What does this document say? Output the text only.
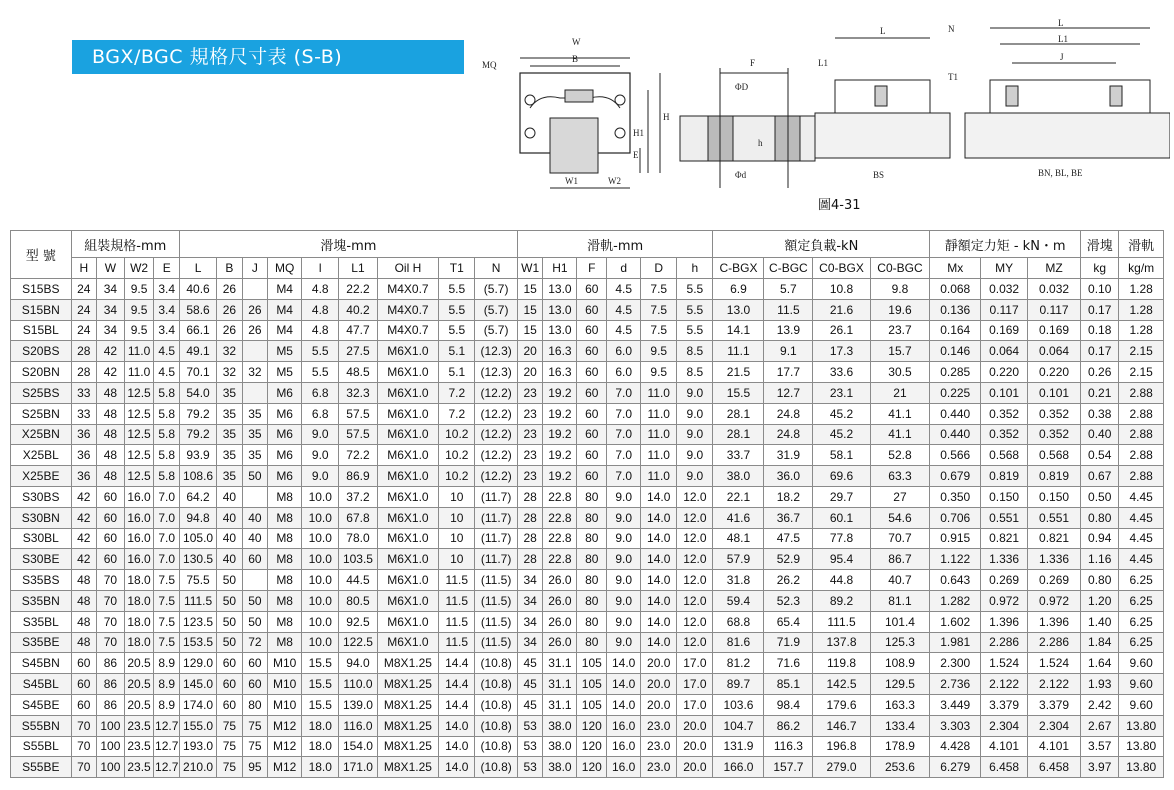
BGX/BGC 規格尺寸表 (S-B)	MQ
W
B
H
H1
E
W1	W2
F
ΦD
Φd
h
L
L1
BS
N
L
L1
J
T1
BN, BL, BE
圖4-31
型 號	組裝規格-mm				滑塊-mm									滑軌-mm						額定負載-kN				靜額定力矩 - kN・m			滑塊	滑軌
	H	W	W2	E	L	B	J	MQ	l	L1	Oil H	T1	N	W1	H1	F	d	D	h	C-BGX	C-BGC	C0-BGX	C0-BGC	Mx	MY	MZ	kg	kg/m
S15BS	24	34	9.5	3.4	40.6	26		M4	4.8	22.2	M4X0.7	5.5	(5.7)	15	13.0	60	4.5	7.5	5.5	6.9	5.7	10.8	9.8	0.068	0.032	0.032	0.10	1.28
S15BN	24	34	9.5	3.4	58.6	26	26	M4	4.8	40.2	M4X0.7	5.5	(5.7)	15	13.0	60	4.5	7.5	5.5	13.0	11.5	21.6	19.6	0.136	0.117	0.117	0.17	1.28
S15BL	24	34	9.5	3.4	66.1	26	26	M4	4.8	47.7	M4X0.7	5.5	(5.7)	15	13.0	60	4.5	7.5	5.5	14.1	13.9	26.1	23.7	0.164	0.169	0.169	0.18	1.28
S20BS	28	42	11.0	4.5	49.1	32		M5	5.5	27.5	M6X1.0	5.1	(12.3)	20	16.3	60	6.0	9.5	8.5	11.1	9.1	17.3	15.7	0.146	0.064	0.064	0.17	2.15
S20BN	28	42	11.0	4.5	70.1	32	32	M5	5.5	48.5	M6X1.0	5.1	(12.3)	20	16.3	60	6.0	9.5	8.5	21.5	17.7	33.6	30.5	0.285	0.220	0.220	0.26	2.15
S25BS	33	48	12.5	5.8	54.0	35		M6	6.8	32.3	M6X1.0	7.2	(12.2)	23	19.2	60	7.0	11.0	9.0	15.5	12.7	23.1	21	0.225	0.101	0.101	0.21	2.88
S25BN	33	48	12.5	5.8	79.2	35	35	M6	6.8	57.5	M6X1.0	7.2	(12.2)	23	19.2	60	7.0	11.0	9.0	28.1	24.8	45.2	41.1	0.440	0.352	0.352	0.38	2.88
X25BN	36	48	12.5	5.8	79.2	35	35	M6	9.0	57.5	M6X1.0	10.2	(12.2)	23	19.2	60	7.0	11.0	9.0	28.1	24.8	45.2	41.1	0.440	0.352	0.352	0.40	2.88
X25BL	36	48	12.5	5.8	93.9	35	35	M6	9.0	72.2	M6X1.0	10.2	(12.2)	23	19.2	60	7.0	11.0	9.0	33.7	31.9	58.1	52.8	0.566	0.568	0.568	0.54	2.88
X25BE	36	48	12.5	5.8	108.6	35	50	M6	9.0	86.9	M6X1.0	10.2	(12.2)	23	19.2	60	7.0	11.0	9.0	38.0	36.0	69.6	63.3	0.679	0.819	0.819	0.67	2.88
S30BS	42	60	16.0	7.0	64.2	40		M8	10.0	37.2	M6X1.0	10	(11.7)	28	22.8	80	9.0	14.0	12.0	22.1	18.2	29.7	27	0.350	0.150	0.150	0.50	4.45
S30BN	42	60	16.0	7.0	94.8	40	40	M8	10.0	67.8	M6X1.0	10	(11.7)	28	22.8	80	9.0	14.0	12.0	41.6	36.7	60.1	54.6	0.706	0.551	0.551	0.80	4.45
S30BL	42	60	16.0	7.0	105.0	40	40	M8	10.0	78.0	M6X1.0	10	(11.7)	28	22.8	80	9.0	14.0	12.0	48.1	47.5	77.8	70.7	0.915	0.821	0.821	0.94	4.45
S30BE	42	60	16.0	7.0	130.5	40	60	M8	10.0	103.5	M6X1.0	10	(11.7)	28	22.8	80	9.0	14.0	12.0	57.9	52.9	95.4	86.7	1.122	1.336	1.336	1.16	4.45
S35BS	48	70	18.0	7.5	75.5	50		M8	10.0	44.5	M6X1.0	11.5	(11.5)	34	26.0	80	9.0	14.0	12.0	31.8	26.2	44.8	40.7	0.643	0.269	0.269	0.80	6.25
S35BN	48	70	18.0	7.5	111.5	50	50	M8	10.0	80.5	M6X1.0	11.5	(11.5)	34	26.0	80	9.0	14.0	12.0	59.4	52.3	89.2	81.1	1.282	0.972	0.972	1.20	6.25
S35BL	48	70	18.0	7.5	123.5	50	50	M8	10.0	92.5	M6X1.0	11.5	(11.5)	34	26.0	80	9.0	14.0	12.0	68.8	65.4	111.5	101.4	1.602	1.396	1.396	1.40	6.25
S35BE	48	70	18.0	7.5	153.5	50	72	M8	10.0	122.5	M6X1.0	11.5	(11.5)	34	26.0	80	9.0	14.0	12.0	81.6	71.9	137.8	125.3	1.981	2.286	2.286	1.84	6.25
S45BN	60	86	20.5	8.9	129.0	60	60	M10	15.5	94.0	M8X1.25	14.4	(10.8)	45	31.1	105	14.0	20.0	17.0	81.2	71.6	119.8	108.9	2.300	1.524	1.524	1.64	9.60
S45BL	60	86	20.5	8.9	145.0	60	60	M10	15.5	110.0	M8X1.25	14.4	(10.8)	45	31.1	105	14.0	20.0	17.0	89.7	85.1	142.5	129.5	2.736	2.122	2.122	1.93	9.60
S45BE	60	86	20.5	8.9	174.0	60	80	M10	15.5	139.0	M8X1.25	14.4	(10.8)	45	31.1	105	14.0	20.0	17.0	103.6	98.4	179.6	163.3	3.449	3.379	3.379	2.42	9.60
S55BN	70	100	23.5	12.7	155.0	75	75	M12	18.0	116.0	M8X1.25	14.0	(10.8)	53	38.0	120	16.0	23.0	20.0	104.7	86.2	146.7	133.4	3.303	2.304	2.304	2.67	13.80
S55BL	70	100	23.5	12.7	193.0	75	75	M12	18.0	154.0	M8X1.25	14.0	(10.8)	53	38.0	120	16.0	23.0	20.0	131.9	116.3	196.8	178.9	4.428	4.101	4.101	3.57	13.80
S55BE	70	100	23.5	12.7	210.0	75	95	M12	18.0	171.0	M8X1.25	14.0	(10.8)	53	38.0	120	16.0	23.0	20.0	166.0	157.7	279.0	253.6	6.279	6.458	6.458	3.97	13.80
